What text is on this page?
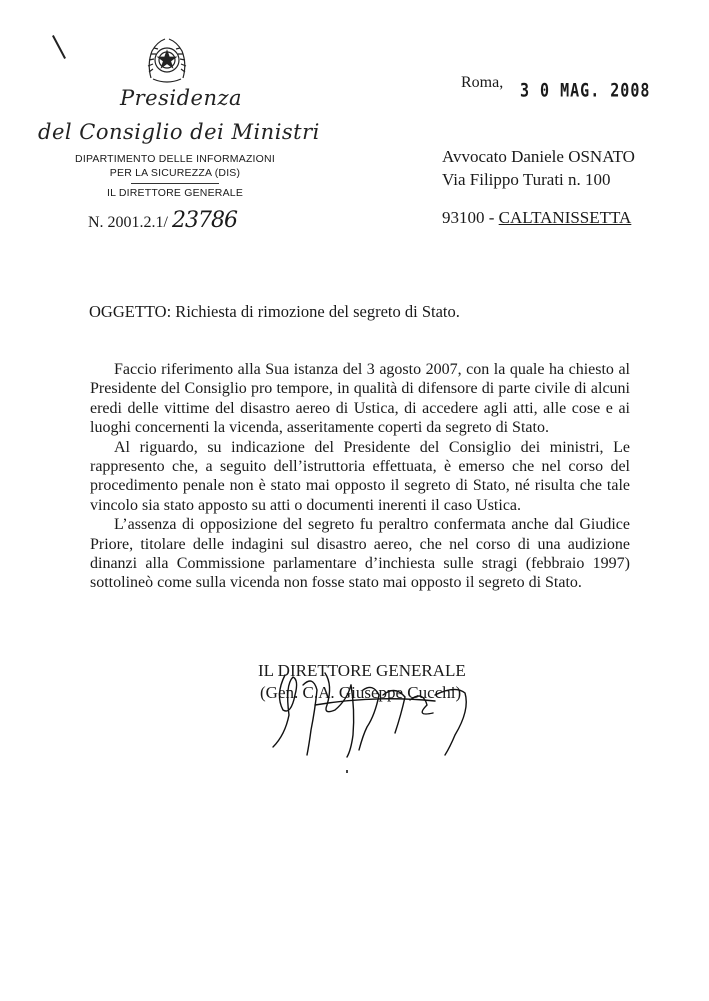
Presidenza
del Consiglio dei Ministri
DIPARTIMENTO DELLE INFORMAZIONI
PER LA SICUREZZA (DIS)
IL DIRETTORE GENERALE
N. 2001.2.1/ 23786
Roma, 3 0 MAG. 2008
Avvocato Daniele OSNATO
Via Filippo Turati n. 100
93100 - CALTANISSETTA
OGGETTO: Richiesta di rimozione del segreto di Stato.

Faccio riferimento alla Sua istanza del 3 agosto 2007, con la quale ha chiesto al Presidente del Consiglio pro tempore, in qualità di difensore di parte civile di alcuni eredi delle vittime del disastro aereo di Ustica, di accedere agli atti, alle cose e ai luoghi concernenti la vicenda, asseritamente coperti da segreto di Stato.

Al riguardo, su indicazione del Presidente del Consiglio dei ministri, Le rappresento che, a seguito dell’istruttoria effettuata, è emerso che nel corso del procedimento penale non è stato mai opposto il segreto di Stato, né risulta che tale vincolo sia stato apposto su atti o documenti inerenti il caso Ustica.

L’assenza di opposizione del segreto fu peraltro confermata anche dal Giudice Priore, titolare delle indagini sul disastro aereo, che nel corso di una audizione dinanzi alla Commissione parlamentare d’inchiesta sulle stragi (febbraio 1997) sottolineò come sulla vicenda non fosse stato mai opposto il segreto di Stato.

IL DIRETTORE GENERALE
(Gen. C.A. Giuseppe Cucchi)
